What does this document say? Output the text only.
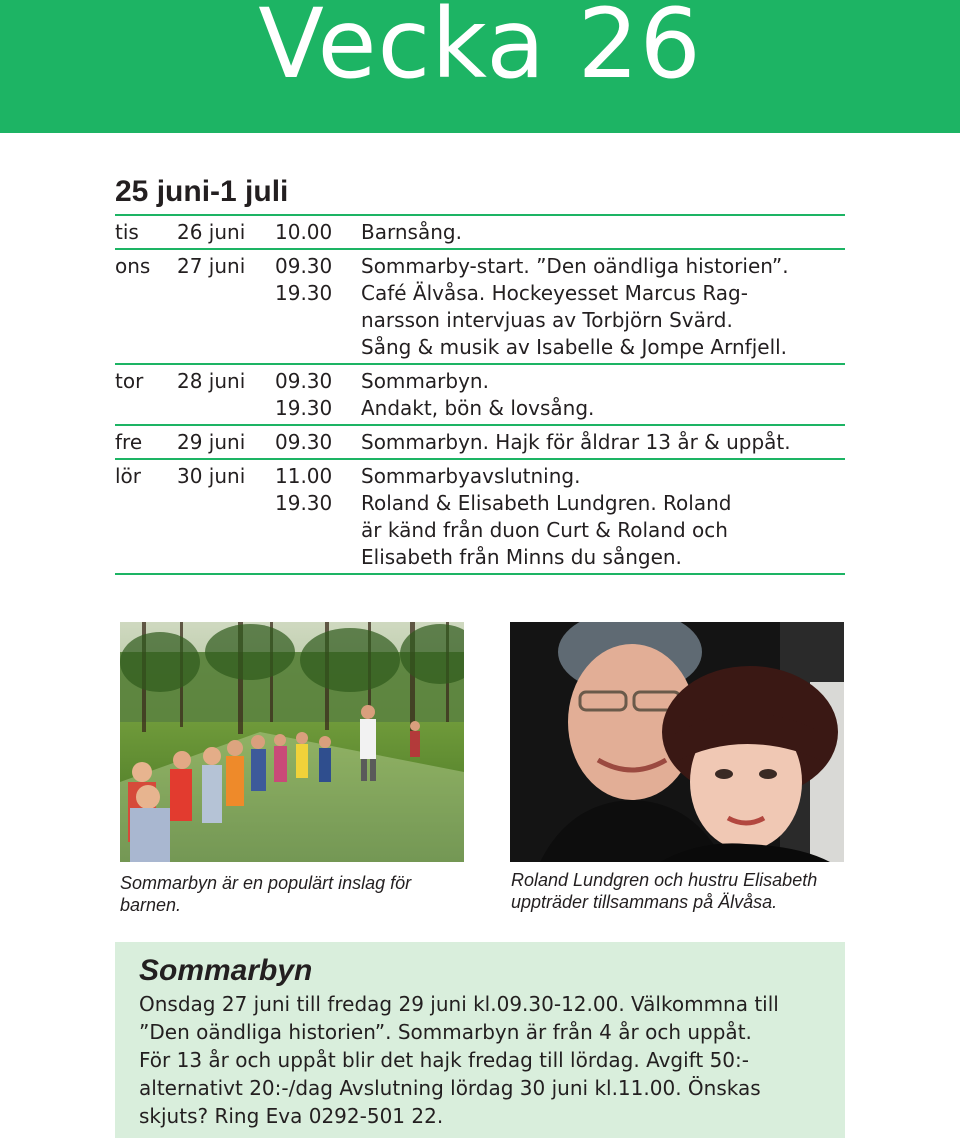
Vecka 26
25 juni-1 juli
tis	26 juni	10.00	Barnsång.
ons	27 juni	09.30	Sommarby-start. ”Den oändliga historien”.
19.30	Café Älvåsa. Hockeyesset Marcus Rag-
narsson intervjuas av Torbjörn Svärd.
Sång & musik av Isabelle & Jompe Arnfjell.
tor	28 juni	09.30	Sommarbyn.
19.30	Andakt, bön & lovsång.
fre	29 juni	09.30	Sommarbyn. Hajk för åldrar 13 år & uppåt.
lör	30 juni	11.00	Sommarbyavslutning.
19.30	Roland & Elisabeth Lundgren. Roland
är känd från duon Curt & Roland och
Elisabeth från Minns du sången.
Sommarbyn är en populärt inslag för barnen.
Roland Lundgren och hustru Elisabeth uppträder tillsammans på Älvåsa.
Sommarbyn
Onsdag 27 juni till fredag 29 juni kl.09.30-12.00. Välkommna till
”Den oändliga historien”. Sommarbyn är från 4 år och uppåt.
För 13 år och uppåt blir det hajk fredag till lördag. Avgift 50:-
alternativt 20:-/dag Avslutning lördag 30 juni kl.11.00. Önskas
skjuts? Ring Eva 0292-501 22.
